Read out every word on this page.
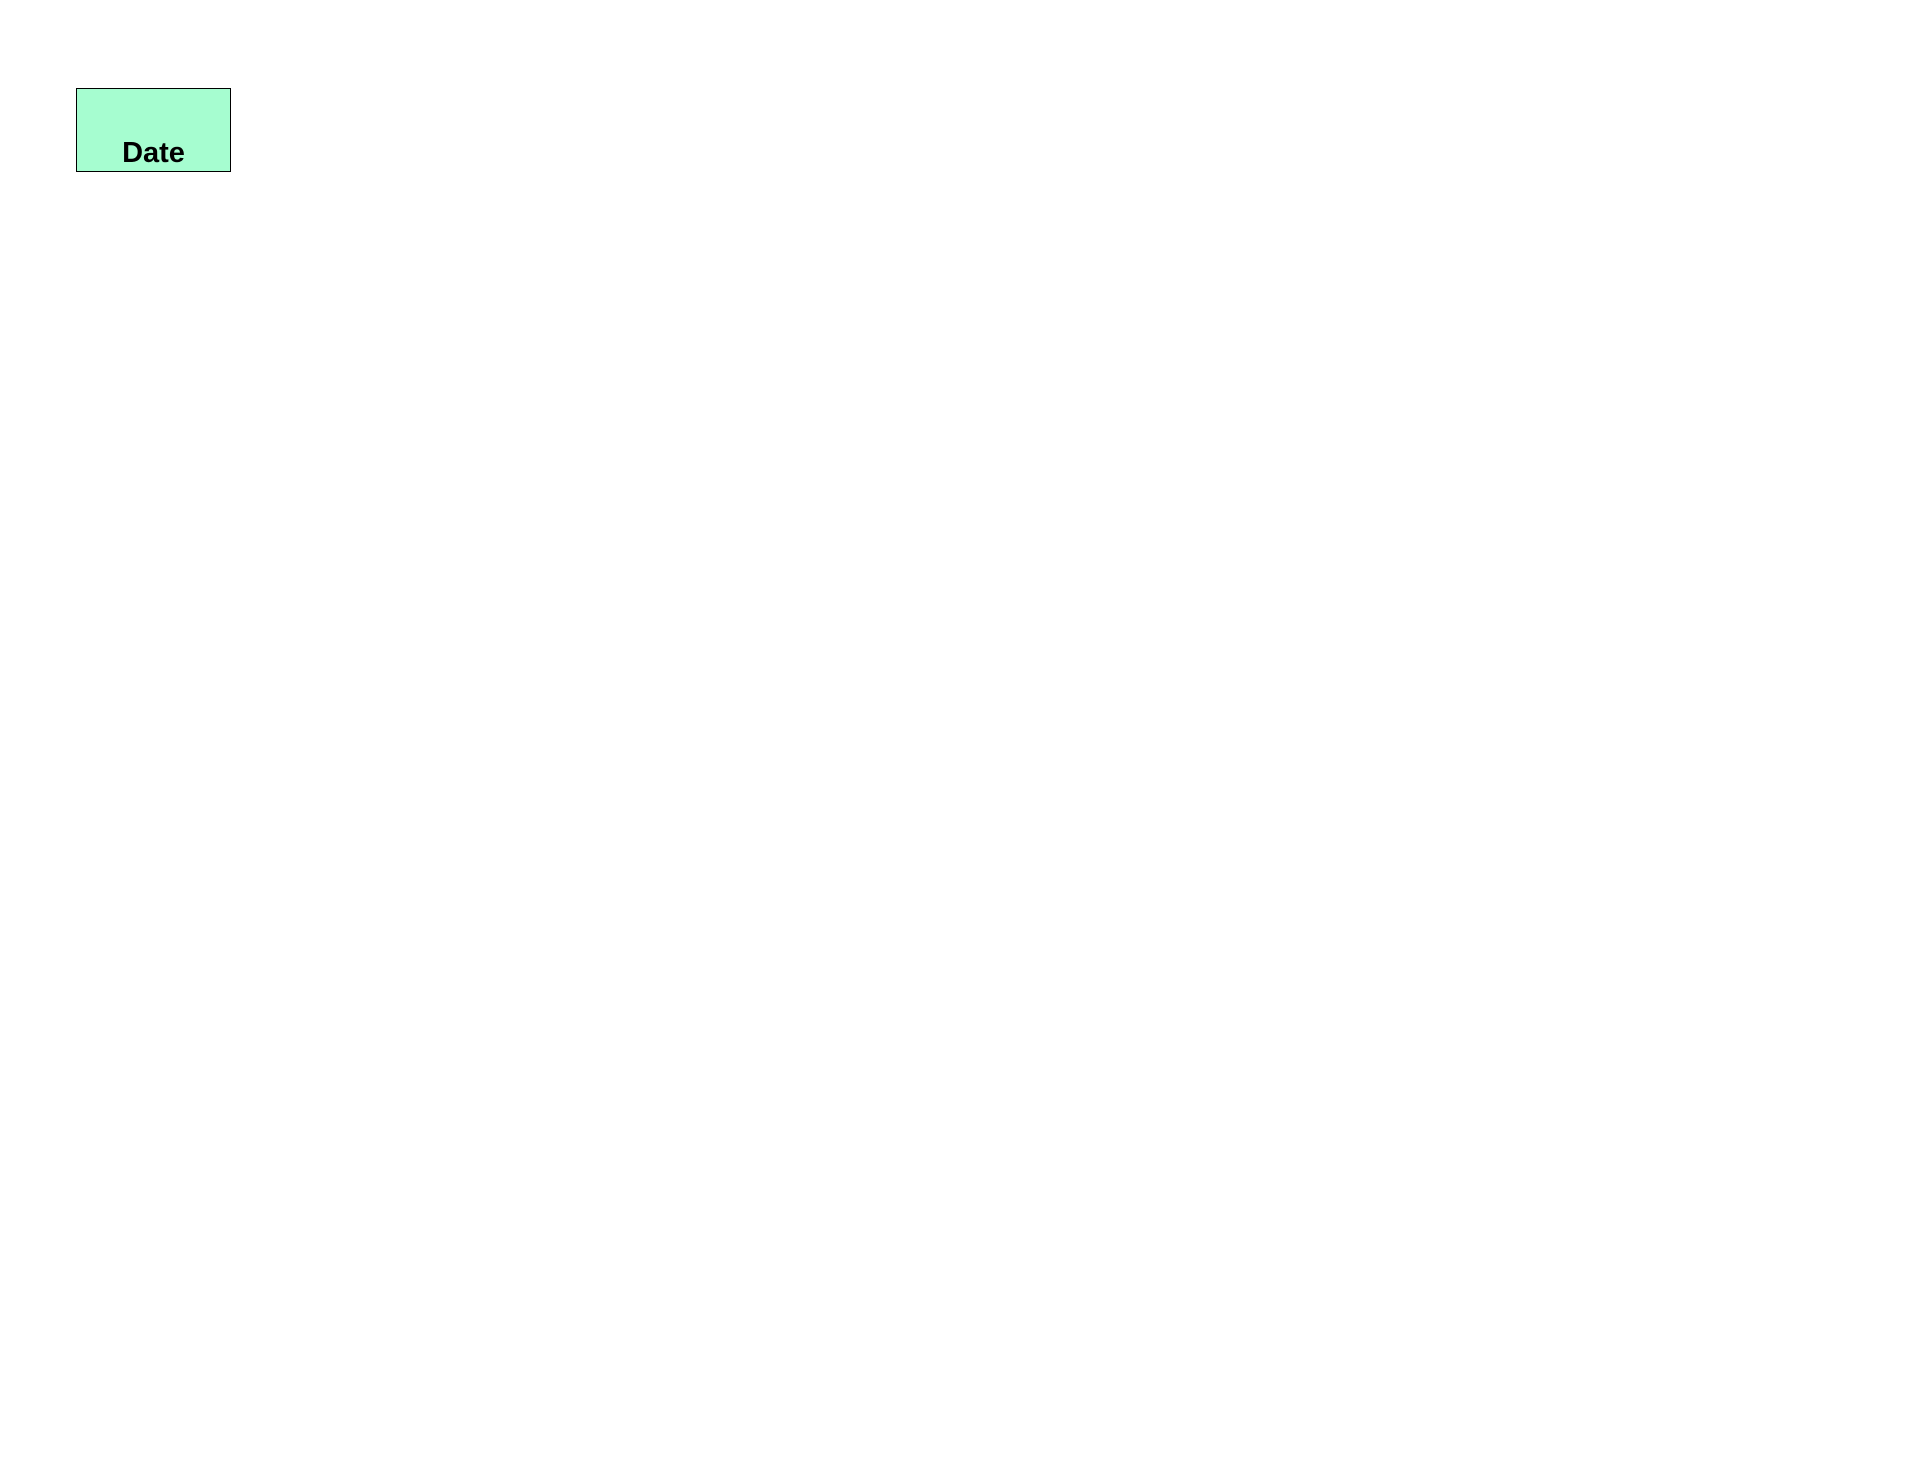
Date
